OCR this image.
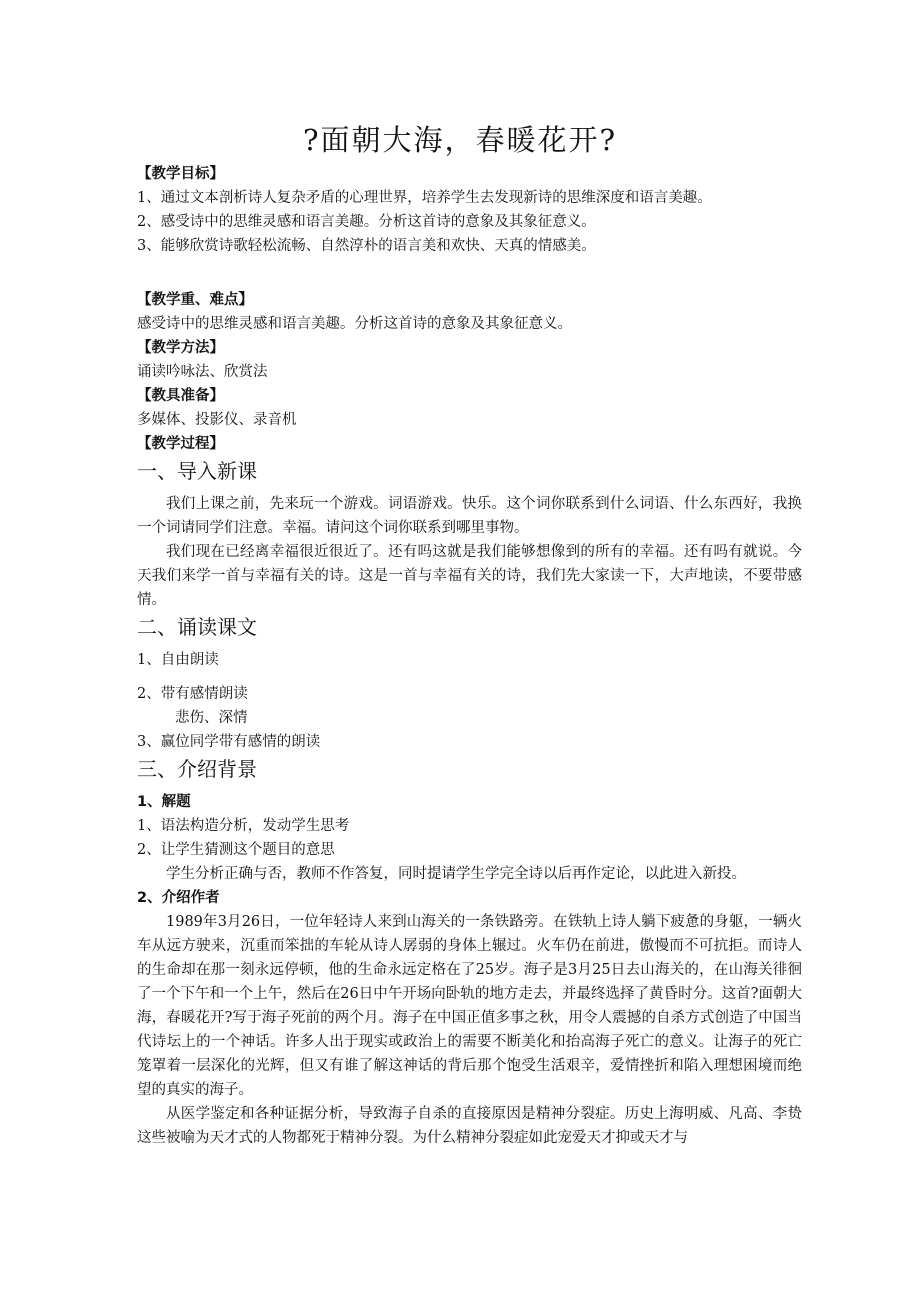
?面朝大海，春暖花开?
【教学目标】
1、通过文本剖析诗人复杂矛盾的心理世界，培养学生去发现新诗的思维深度和语言美趣。
2、感受诗中的思维灵感和语言美趣。分析这首诗的意象及其象征意义。
3、能够欣赏诗歌轻松流畅、自然淳朴的语言美和欢快、天真的情感美。
【教学重、难点】
感受诗中的思维灵感和语言美趣。分析这首诗的意象及其象征意义。
【教学方法】
诵读吟咏法、欣赏法
【教具准备】
多媒体、投影仪、录音机
【教学过程】
一、导入新课
我们上课之前，先来玩一个游戏。词语游戏。快乐。这个词你联系到什么词语、什么东西好，我换一个词请同学们注意。幸福。请问这个词你联系到哪里事物。
我们现在已经离幸福很近很近了。还有吗这就是我们能够想像到的所有的幸福。还有吗有就说。今天我们来学一首与幸福有关的诗。这是一首与幸福有关的诗，我们先大家读一下，大声地读，不要带感情。
二、诵读课文
1、自由朗读
2、带有感情朗读
悲伤、深情
3、赢位同学带有感情的朗读
三、介绍背景
1、解题
1、语法构造分析，发动学生思考
2、让学生猜测这个题目的意思
学生分析正确与否，教师不作答复，同时提请学生学完全诗以后再作定论，以此进入新投。
2、介绍作者
1989年3月26日，一位年轻诗人来到山海关的一条铁路旁。在铁轨上诗人躺下疲惫的身躯，一辆火车从远方驶来，沉重而笨拙的车轮从诗人孱弱的身体上辗过。火车仍在前进，傲慢而不可抗拒。而诗人的生命却在那一刻永远停顿，他的生命永远定格在了25岁。海子是3月25日去山海关的，在山海关徘徊了一个下午和一个上午，然后在26日中午开场向卧轨的地方走去，并最终选择了黄昏时分。这首?面朝大海，春暖花开?写于海子死前的两个月。海子在中国正值多事之秋，用令人震撼的自杀方式创造了中国当代诗坛上的一个神话。许多人出于现实或政治上的需要不断美化和抬高海子死亡的意义。让海子的死亡笼罩着一层深化的光辉，但又有谁了解这神话的背后那个饱受生活艰辛，爱情挫折和陷入理想困境而绝望的真实的海子。
从医学鉴定和各种证据分析，导致海子自杀的直接原因是精神分裂症。历史上海明威、凡高、李贽这些被喻为天才式的人物都死于精神分裂。为什么精神分裂症如此宠爱天才抑或天才与
